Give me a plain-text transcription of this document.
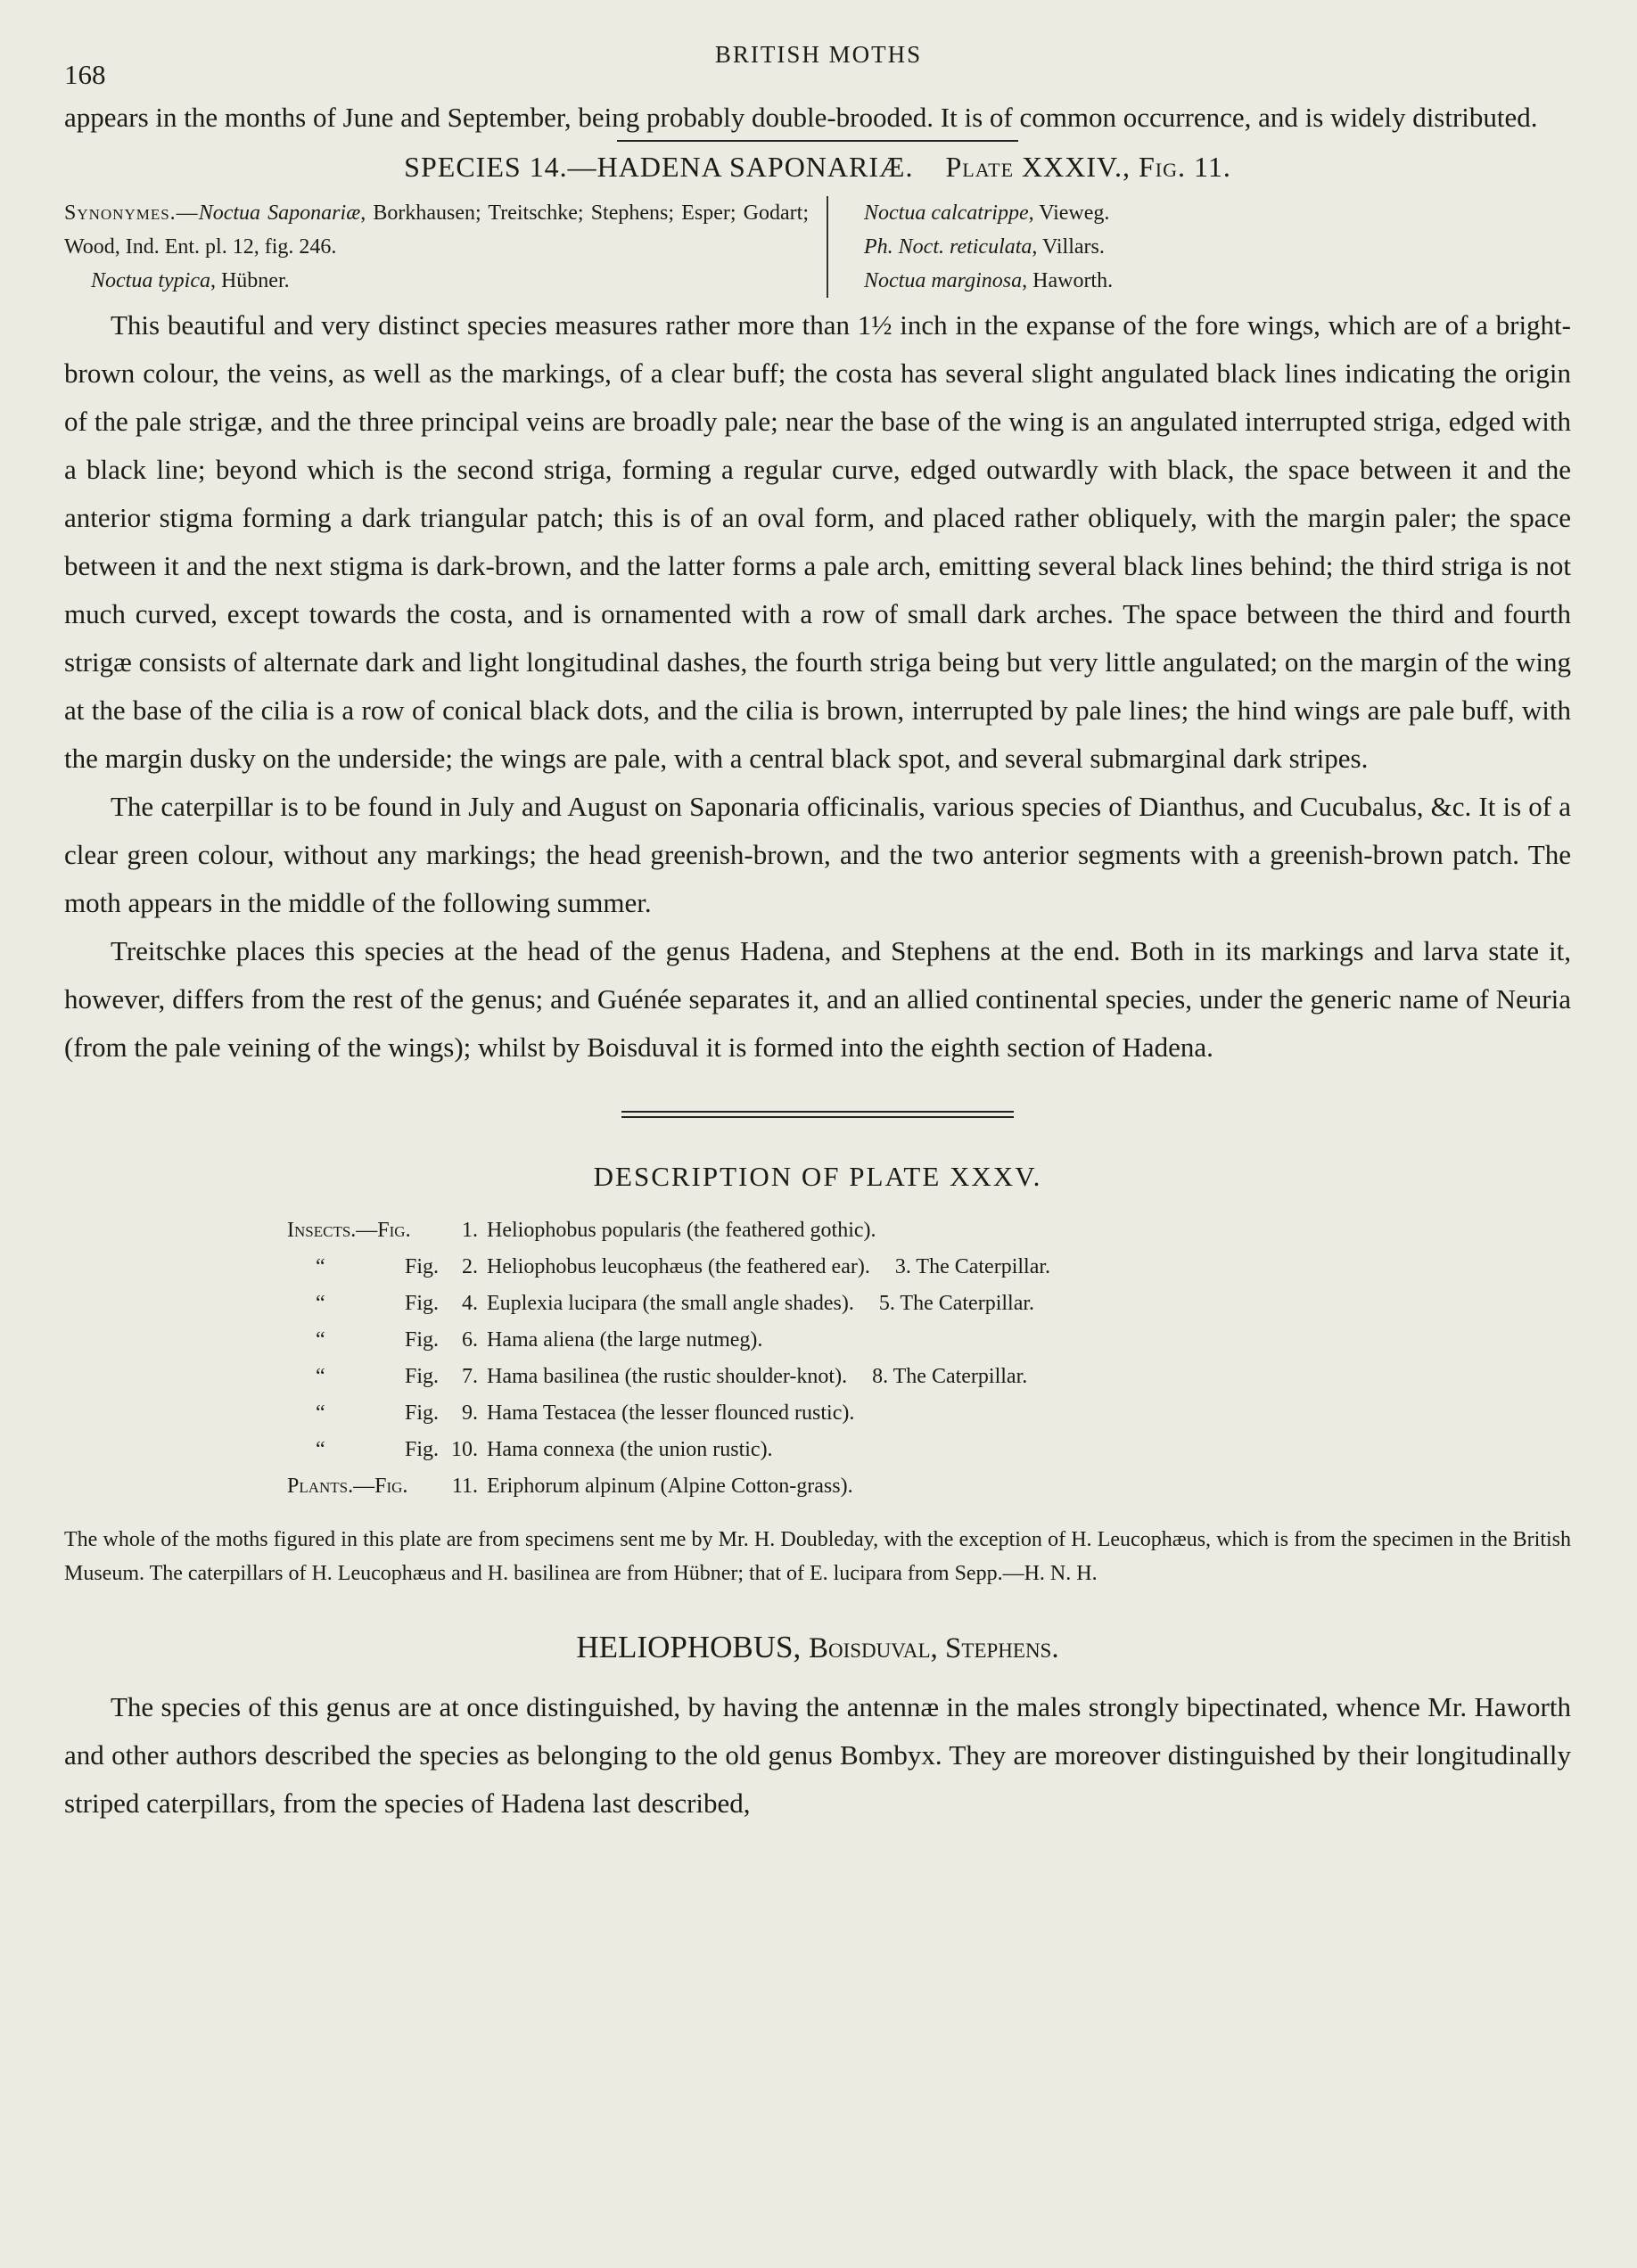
168
BRITISH MOTHS

appears in the months of June and September, being probably double-brooded. It is of common occurrence, and is widely distributed.

SPECIES 14.—HADENA SAPONARIÆ. Plate XXXIV., Fig. 11.
Synonymes.—Noctua Saponariæ, Borkhausen; Treitschke; Stephens; Esper; Godart; Wood, Ind. Ent. pl. 12, fig. 246.
Noctua typica, Hübner.
Noctua calcatrippe, Vieweg.
Ph. Noct. reticulata, Villars.
Noctua marginosa, Haworth.

This beautiful and very distinct species measures rather more than 1½ inch in the expanse of the fore wings, which are of a bright-brown colour, the veins, as well as the markings, of a clear buff; the costa has several slight angulated black lines indicating the origin of the pale strigæ, and the three principal veins are broadly pale; near the base of the wing is an angulated interrupted striga, edged with a black line; beyond which is the second striga, forming a regular curve, edged outwardly with black, the space between it and the anterior stigma forming a dark triangular patch; this is of an oval form, and placed rather obliquely, with the margin paler; the space between it and the next stigma is dark-brown, and the latter forms a pale arch, emitting several black lines behind; the third striga is not much curved, except towards the costa, and is ornamented with a row of small dark arches. The space between the third and fourth strigæ consists of alternate dark and light longitudinal dashes, the fourth striga being but very little angulated; on the margin of the wing at the base of the cilia is a row of conical black dots, and the cilia is brown, interrupted by pale lines; the hind wings are pale buff, with the margin dusky on the underside; the wings are pale, with a central black spot, and several submarginal dark stripes.

The caterpillar is to be found in July and August on Saponaria officinalis, various species of Dianthus, and Cucubalus, &c. It is of a clear green colour, without any markings; the head greenish-brown, and the two anterior segments with a greenish-brown patch. The moth appears in the middle of the following summer.

Treitschke places this species at the head of the genus Hadena, and Stephens at the end. Both in its markings and larva state it, however, differs from the rest of the genus; and Guénée separates it, and an allied continental species, under the generic name of Neuria (from the pale veining of the wings); whilst by Boisduval it is formed into the eighth section of Hadena.

DESCRIPTION OF PLATE XXXV.
Insects.—Fig.	1. Heliophobus popularis (the feathered gothic).
“	Fig.	2. Heliophobus leucophæus (the feathered ear). 3. The Caterpillar.
“	Fig.	4. Euplexia lucipara (the small angle shades). 5. The Caterpillar.
“	Fig.	6. Hama aliena (the large nutmeg).
“	Fig.	7. Hama basilinea (the rustic shoulder-knot). 8. The Caterpillar.
“	Fig.	9. Hama Testacea (the lesser flounced rustic).
“	Fig. 10. Hama connexa (the union rustic).
Plants.—Fig.	11. Eriphorum alpinum (Alpine Cotton-grass).

The whole of the moths figured in this plate are from specimens sent me by Mr. H. Doubleday, with the exception of H. Leucophæus, which is from the specimen in the British Museum. The caterpillars of H. Leucophæus and H. basilinea are from Hübner; that of E. lucipara from Sepp.—H. N. H.

HELIOPHOBUS, Boisduval, Stephens.

The species of this genus are at once distinguished, by having the antennæ in the males strongly bipectinated, whence Mr. Haworth and other authors described the species as belonging to the old genus Bombyx. They are moreover distinguished by their longitudinally striped caterpillars, from the species of Hadena last described,
